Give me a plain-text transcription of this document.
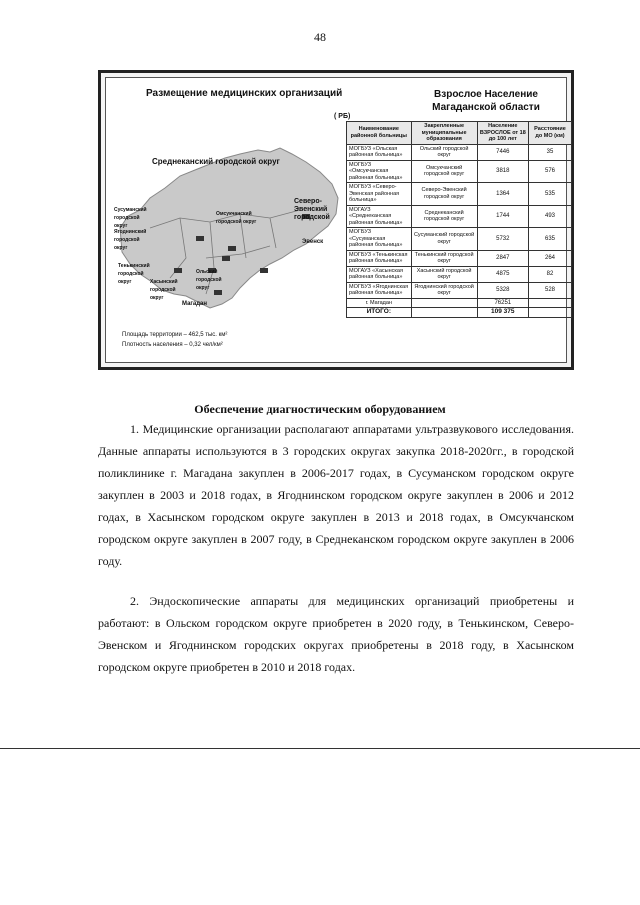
48
Размещение медицинских организаций	Взрослое Население Магаданской области
( РБ)
Среднеканский городской округ
Северо-Эвенский городской
Сусуманский городской округ
Омсукчанский городской округ
Ягоднинский городской округ
Тенькинский городской округ
Ольский городской округ
Хасынский городской округ
Магадан
Эвенск
Площадь территории – 462,5 тыс. км²
Плотность населения – 0,32 чел/км²
Наименование районной больницы	Закрепленные муниципальные образования	Население ВЗРОСЛОЕ от 18 до 100 лет	Расстояние до МО (км)
МОГБУЗ «Ольская районная больница»	Ольский городской округ	7446	35
МОГБУЗ «Омсукчанская районная больница»	Омсукчанский городской округ	3818	576
МОГБУЗ «Северо-Эвенская районная больница»	Северо-Эвенский городской округ	1364	535
МОГАУЗ «Среднеканская районная больница»	Среднеканский городской округ	1744	493
МОГБУЗ «Сусуманская районная больница»	Сусуманский городской округ	5732	635
МОГБУЗ «Тенькинская районная больница»	Тенькинский городской округ	2847	264
МОГАУЗ «Хасынская районная больница»	Хасынский городской округ	4875	82
МОГБУЗ «Ягоднинская районная больница»	Ягоднинский городской округ	5328	528
г. Магадан		76251	
ИТОГО:		109 375	
Обеспечение диагностическим оборудованием

1. Медицинские организации располагают аппаратами ультразвукового исследования. Данные аппараты используются в 3 городских округах закупка 2018-2020гг., в городской поликлинике г. Магадана закуплен в 2006-2017 годах, в Сусуманском городском округе закуплен в 2003 и 2018 годах, в Ягоднинском городском округе закуплен в 2006 и 2012 годах, в Хасынском городском округе закуплен в 2013 и 2018 годах, в Омсукчанском городском округе закуплен в 2007 году, в Среднеканском городском округе закуплен в 2006 году.

2. Эндоскопические аппараты для медицинских организаций приобретены и работают: в Ольском городском округе приобретен в 2020 году, в Тенькинском, Северо-Эвенском и Ягоднинском городских округах приобретены в 2018 году, в Хасынском городском округе приобретен в 2010 и 2018 годах.
